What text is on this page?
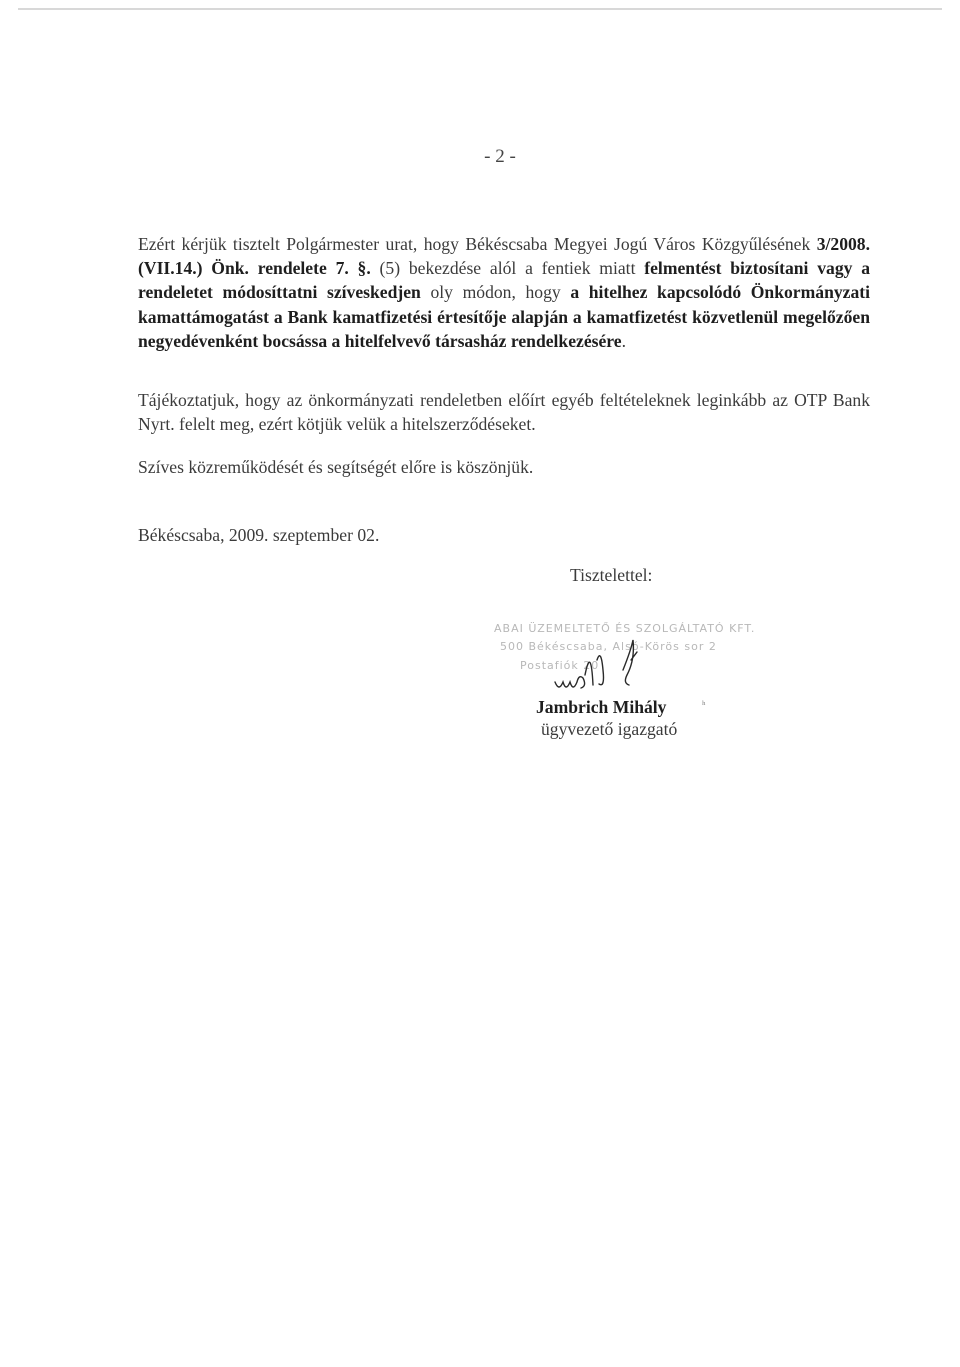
- 2 -
Ezért kérjük tisztelt Polgármester urat, hogy Békéscsaba Megyei Jogú Város Közgyűlésének 3/2008.(VII.14.) Önk. rendelete 7. §. (5) bekezdése alól a fentiek miatt felmentést biztosítani vagy a rendeletet módosíttatni szíveskedjen oly módon, hogy a hitelhez kapcsolódó Önkormányzati kamattámogatást a Bank kamatfizetési értesítője alapján a kamatfizetést közvetlenül megelőzően negyedévenként bocsássa a hitelfelvevő társasház rendelkezésére.
Tájékoztatjuk, hogy az önkormányzati rendeletben előírt egyéb feltételeknek leginkább az OTP Bank Nyrt. felelt meg, ezért kötjük velük a hitelszerződéseket.
Szíves közreműködését és segítségét előre is köszönjük.
Békéscsaba, 2009. szeptember 02.
Tisztelettel:
ABAI ÜZEMELTETŐ ÉS SZOLGÁLTATÓ KFT.
500 Békéscsaba, Alsó-Körös sor 2
Postafiók 20
Jambrich Mihály	ʰ
ügyvezető igazgató
